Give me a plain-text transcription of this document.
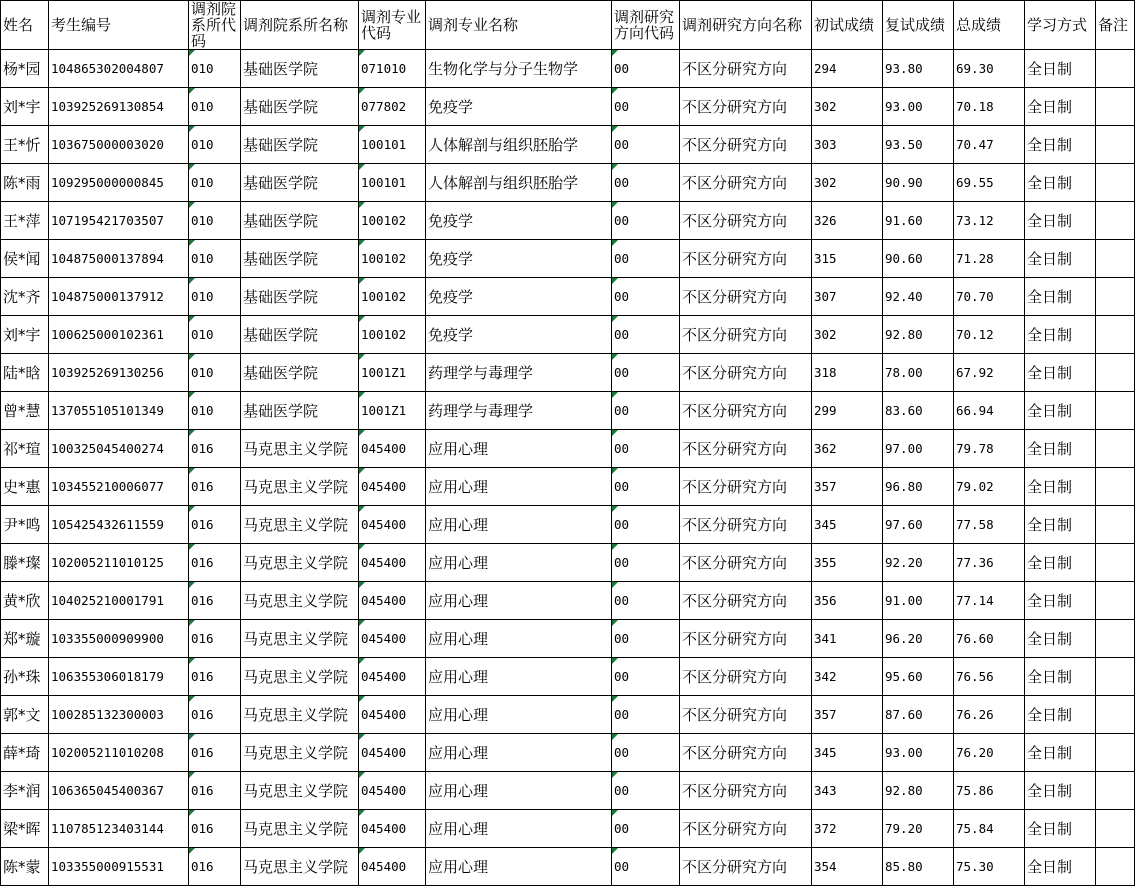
姓名	考生编号	调剂院系所代码	调剂院系所名称	调剂专业代码	调剂专业名称	调剂研究方向代码	调剂研究方向名称	初试成绩	复试成绩	总成绩	学习方式	备注
杨*园	104865302004807	010	基础医学院	071010	生物化学与分子生物学	00	不区分研究方向	294	93.80	69.30	全日制	
刘*宇	103925269130854	010	基础医学院	077802	免疫学	00	不区分研究方向	302	93.00	70.18	全日制	
王*忻	103675000003020	010	基础医学院	100101	人体解剖与组织胚胎学	00	不区分研究方向	303	93.50	70.47	全日制	
陈*雨	109295000000845	010	基础医学院	100101	人体解剖与组织胚胎学	00	不区分研究方向	302	90.90	69.55	全日制	
王*萍	107195421703507	010	基础医学院	100102	免疫学	00	不区分研究方向	326	91.60	73.12	全日制	
侯*闻	104875000137894	010	基础医学院	100102	免疫学	00	不区分研究方向	315	90.60	71.28	全日制	
沈*齐	104875000137912	010	基础医学院	100102	免疫学	00	不区分研究方向	307	92.40	70.70	全日制	
刘*宇	100625000102361	010	基础医学院	100102	免疫学	00	不区分研究方向	302	92.80	70.12	全日制	
陆*晗	103925269130256	010	基础医学院	1001Z1	药理学与毒理学	00	不区分研究方向	318	78.00	67.92	全日制	
曾*慧	137055105101349	010	基础医学院	1001Z1	药理学与毒理学	00	不区分研究方向	299	83.60	66.94	全日制	
祁*瑄	100325045400274	016	马克思主义学院	045400	应用心理	00	不区分研究方向	362	97.00	79.78	全日制	
史*惠	103455210006077	016	马克思主义学院	045400	应用心理	00	不区分研究方向	357	96.80	79.02	全日制	
尹*鸣	105425432611559	016	马克思主义学院	045400	应用心理	00	不区分研究方向	345	97.60	77.58	全日制	
滕*璨	102005211010125	016	马克思主义学院	045400	应用心理	00	不区分研究方向	355	92.20	77.36	全日制	
黄*欣	104025210001791	016	马克思主义学院	045400	应用心理	00	不区分研究方向	356	91.00	77.14	全日制	
郑*璇	103355000909900	016	马克思主义学院	045400	应用心理	00	不区分研究方向	341	96.20	76.60	全日制	
孙*珠	106355306018179	016	马克思主义学院	045400	应用心理	00	不区分研究方向	342	95.60	76.56	全日制	
郭*文	100285132300003	016	马克思主义学院	045400	应用心理	00	不区分研究方向	357	87.60	76.26	全日制	
薛*琦	102005211010208	016	马克思主义学院	045400	应用心理	00	不区分研究方向	345	93.00	76.20	全日制	
李*润	106365045400367	016	马克思主义学院	045400	应用心理	00	不区分研究方向	343	92.80	75.86	全日制	
梁*晖	110785123403144	016	马克思主义学院	045400	应用心理	00	不区分研究方向	372	79.20	75.84	全日制	
陈*蒙	103355000915531	016	马克思主义学院	045400	应用心理	00	不区分研究方向	354	85.80	75.30	全日制	
